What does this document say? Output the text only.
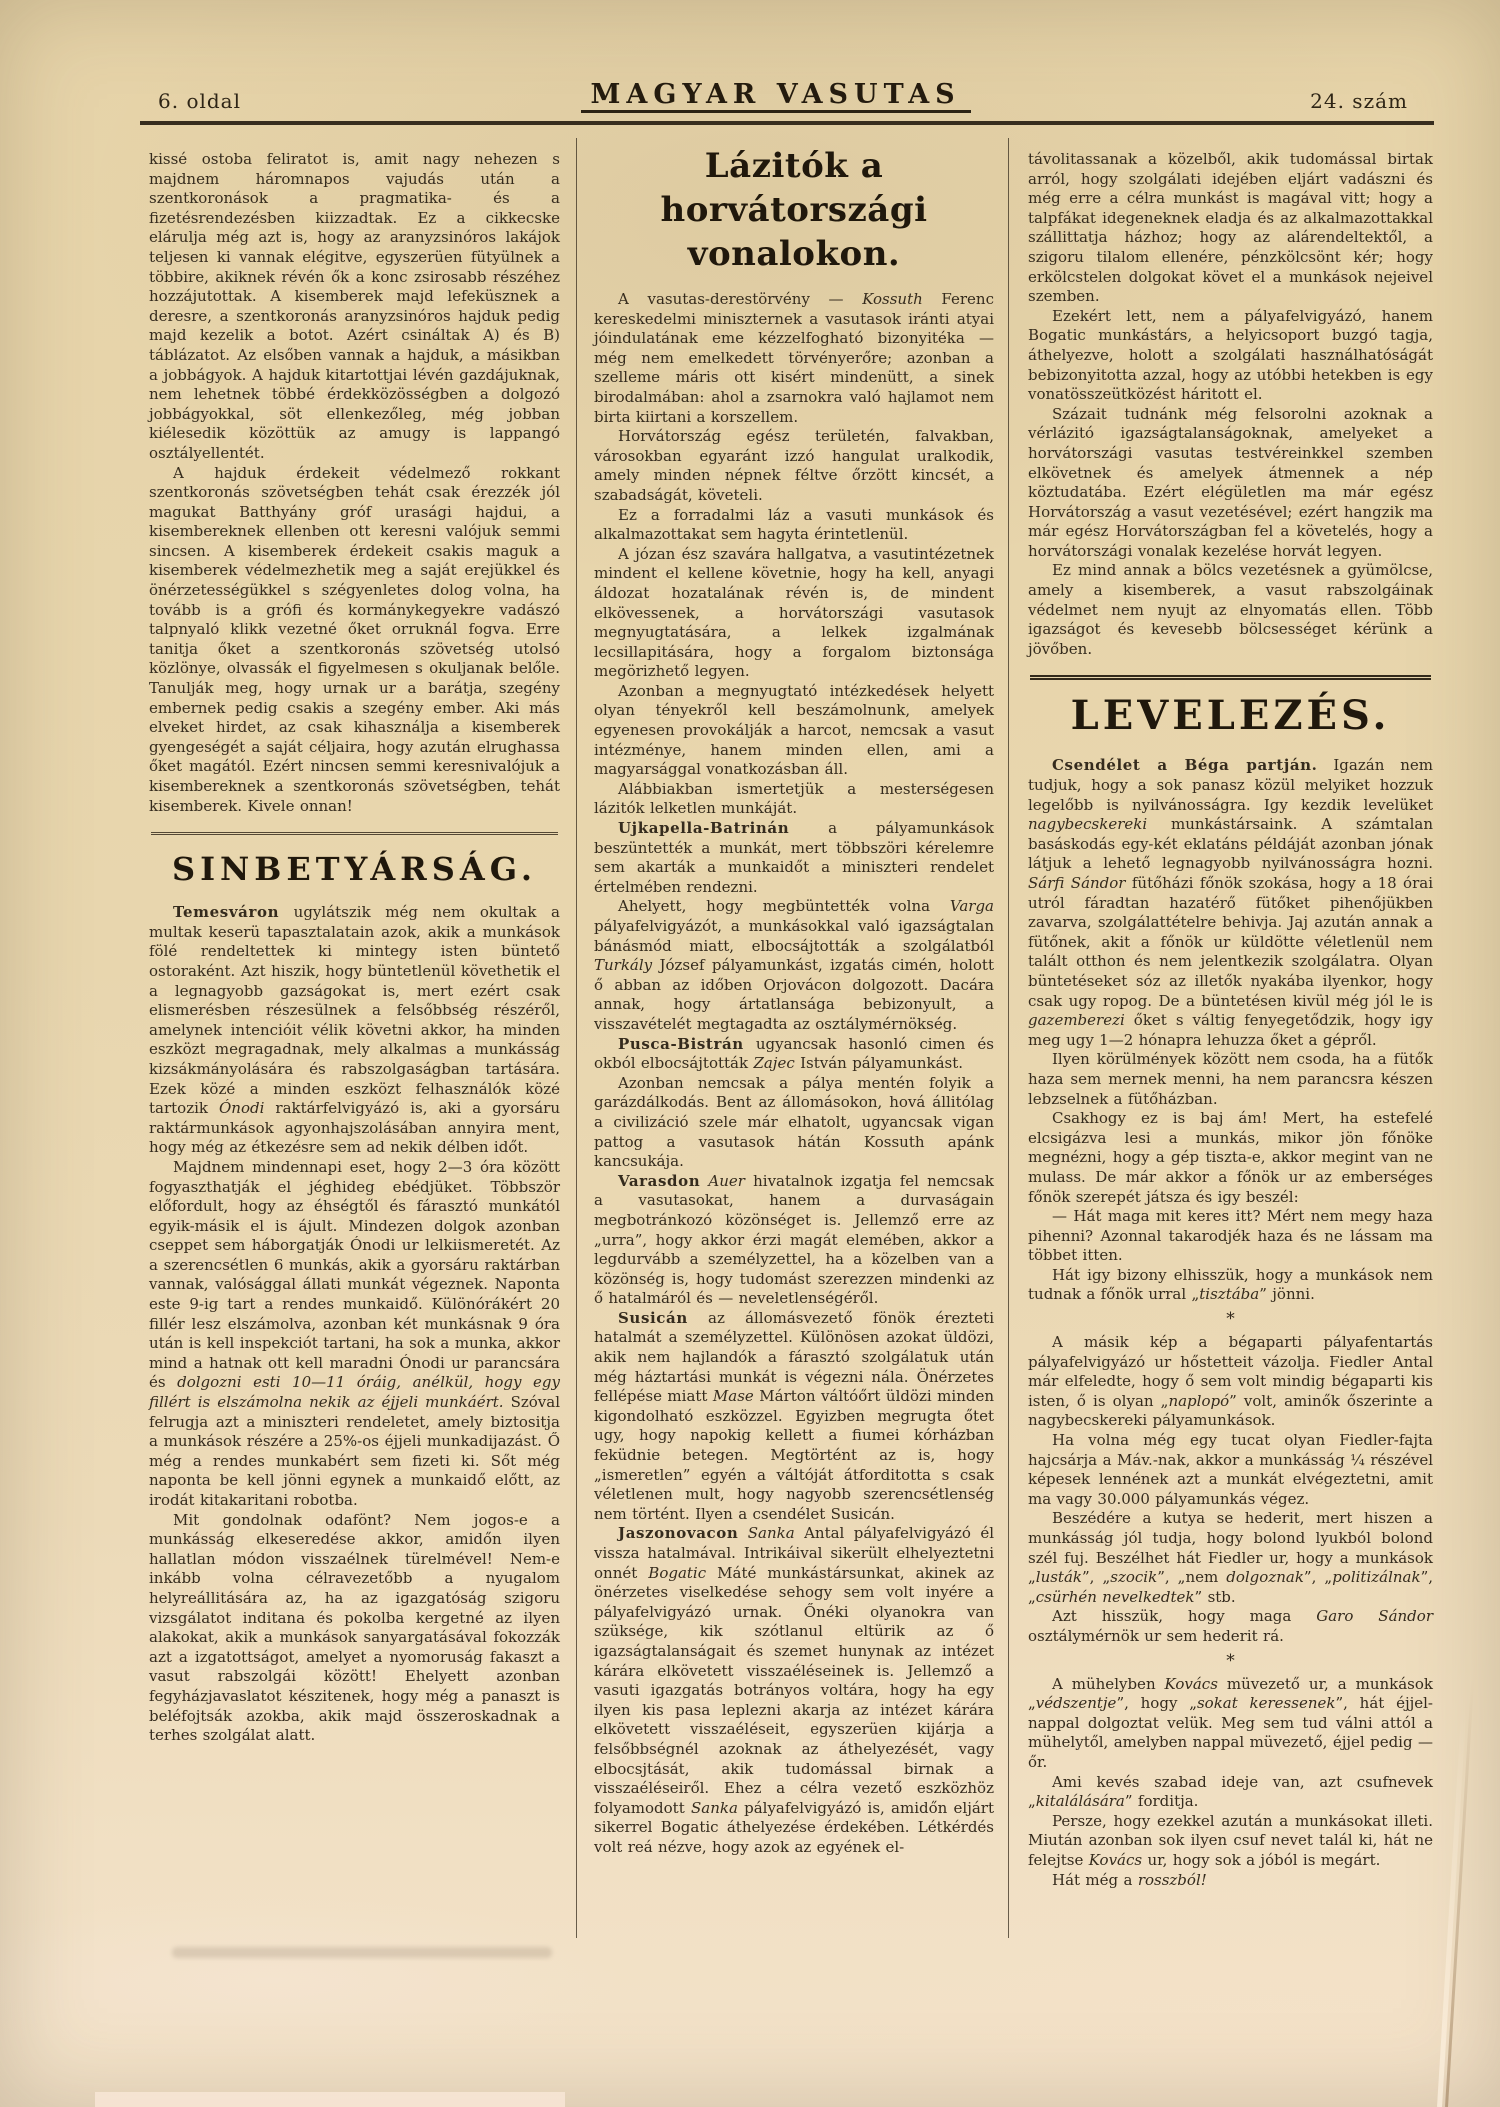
6. oldal	MAGYAR VASUTAS	24. szám

kissé ostoba feliratot is, amit nagy nehezen s majdnem háromnapos vajudás után a szentkoronások a pragmatika- és a fizetésrendezésben kiizzadtak. Ez a cikkecske elárulja még azt is, hogy az aranyzsinóros lakájok teljesen ki vannak elégitve, egyszerüen fütyülnek a többire, akiknek révén ők a konc zsirosabb részéhez hozzájutottak. A kisemberek majd lefeküsznek a deresre, a szentkoronás aranyzsinóros hajduk pedig majd kezelik a botot. Azért csináltak A) és B) táblázatot. Az elsőben vannak a hajduk, a másikban a jobbágyok. A hajduk kitartottjai lévén gazdájuknak, nem lehetnek többé érdekközösségben a dolgozó jobbágyokkal, söt ellenkezőleg, még jobban kiélesedik közöttük az amugy is lappangó osztályellentét.

A hajduk érdekeit védelmező rokkant szentkoronás szövetségben tehát csak érezzék jól magukat Batthyány gróf urasági hajdui, a kisembereknek ellenben ott keresni valójuk semmi sincsen. A kisemberek érdekeit csakis maguk a kisemberek védelmezhetik meg a saját erejükkel és önérzetességükkel s szégyenletes dolog volna, ha tovább is a grófi és kormánykegyekre vadászó talpnyaló klikk vezetné őket orruknál fogva. Erre tanitja őket a szentkoronás szövetség utolsó közlönye, olvassák el figyelmesen s okuljanak belőle. Tanulják meg, hogy urnak ur a barátja, szegény embernek pedig csakis a szegény ember. Aki más elveket hirdet, az csak kihasználja a kisemberek gyengeségét a saját céljaira, hogy azután elrughassa őket magától. Ezért nincsen semmi keresnivalójuk a kisembereknek a szentkoronás szövetségben, tehát kisemberek. Kivele onnan!

SINBETYÁRSÁG.

Temesváron ugylátszik még nem okultak a multak keserü tapasztalatain azok, akik a munkások fölé rendeltettek ki mintegy isten büntető ostoraként. Azt hiszik, hogy büntetlenül követhetik el a legnagyobb gazságokat is, mert ezért csak elismerésben részesülnek a felsőbbség részéről, amelynek intencióit vélik követni akkor, ha minden eszközt megragadnak, mely alkalmas a munkásság kizsákmányolására és rabszolgaságban tartására. Ezek közé a minden eszközt felhasználók közé tartozik Ónodi raktárfelvigyázó is, aki a gyorsáru raktármunkások agyonhajszolásában annyira ment, hogy még az étkezésre sem ad nekik délben időt.

Majdnem mindennapi eset, hogy 2—3 óra között fogyaszthatják el jéghideg ebédjüket. Többször előfordult, hogy az éhségtől és fárasztó munkától egyik-másik el is ájult. Mindezen dolgok azonban cseppet sem háborgatják Ónodi ur lelkiismeretét. Az a szerencsétlen 6 munkás, akik a gyorsáru raktárban vannak, valósággal állati munkát végeznek. Naponta este 9-ig tart a rendes munkaidő. Különórákért 20 fillér lesz elszámolva, azonban két munkásnak 9 óra után is kell inspekciót tartani, ha sok a munka, akkor mind a hatnak ott kell maradni Ónodi ur parancsára és dolgozni esti 10—11 óráig, anélkül, hogy egy fillért is elszámolna nekik az éjjeli munkáért. Szóval felrugja azt a miniszteri rendeletet, amely biztositja a munkások részére a 25%-os éjjeli munkadijazást. Ő még a rendes munkabért sem fizeti ki. Sőt még naponta be kell jönni egynek a munkaidő előtt, az irodát kitakaritani robotba.

Mit gondolnak odafönt? Nem jogos-e a munkásság elkeseredése akkor, amidőn ilyen hallatlan módon visszaélnek türelmével! Nem-e inkább volna célravezetőbb a nyugalom helyreállitására az, ha az igazgatóság szigoru vizsgálatot inditana és pokolba kergetné az ilyen alakokat, akik a munkások sanyargatásával fokozzák azt a izgatottságot, amelyet a nyomoruság fakaszt a vasut rabszolgái között! Ehelyett azonban fegyházjavaslatot készitenek, hogy még a panaszt is beléfojtsák azokba, akik majd összeroskadnak a terhes szolgálat alatt.

Lázitók a horvátországi vonalokon.

A vasutas-derestörvény — Kossuth Ferenc kereskedelmi miniszternek a vasutasok iránti atyai jóindulatának eme kézzelfogható bizonyitéka — még nem emelkedett törvényerőre; azonban a szelleme máris ott kisért mindenütt, a sinek birodalmában: ahol a zsarnokra való hajlamot nem birta kiirtani a korszellem.

Horvátország egész területén, falvakban, városokban egyaránt izzó hangulat uralkodik, amely minden népnek féltve őrzött kincsét, a szabadságát, követeli.

Ez a forradalmi láz a vasuti munkások és alkalmazottakat sem hagyta érintetlenül.

A józan ész szavára hallgatva, a vasutintézetnek mindent el kellene követnie, hogy ha kell, anyagi áldozat hozatalának révén is, de mindent elkövessenek, a horvátországi vasutasok megnyugtatására, a lelkek izgalmának lecsillapitására, hogy a forgalom biztonsága megörizhető legyen.

Azonban a megnyugtató intézkedések helyett olyan tényekről kell beszámolnunk, amelyek egyenesen provokálják a harcot, nemcsak a vasut intézménye, hanem minden ellen, ami a magyarsággal vonatkozásban áll.

Alábbiakban ismertetjük a mesterségesen lázitók lelketlen munkáját.

Ujkapella-Batrinán a pályamunkások beszüntették a munkát, mert többszöri kérelemre sem akarták a munkaidőt a miniszteri rendelet értelmében rendezni.

Ahelyett, hogy megbüntették volna Varga pályafelvigyázót, a munkásokkal való igazságtalan bánásmód miatt, elbocsájtották a szolgálatból Turkály József pályamunkást, izgatás cimén, holott ő abban az időben Orjovácon dolgozott. Dacára annak, hogy ártatlansága bebizonyult, a visszavételét megtagadta az osztálymérnökség.

Pusca-Bistrán ugyancsak hasonló cimen és okból elbocsájtották Zajec István pályamunkást.

Azonban nemcsak a pálya mentén folyik a garázdálkodás. Bent az állomásokon, hová állitólag a civilizáció szele már elhatolt, ugyancsak vigan pattog a vasutasok hátán Kossuth apánk kancsukája.

Varasdon Auer hivatalnok izgatja fel nemcsak a vasutasokat, hanem a durvaságain megbotránkozó közönséget is. Jellemző erre az „urra”, hogy akkor érzi magát elemében, akkor a legdurvább a személyzettel, ha a közelben van a közönség is, hogy tudomást szerezzen mindenki az ő hatalmáról és — neveletlenségéről.

Susicán az állomásvezető fönök érezteti hatalmát a személyzettel. Különösen azokat üldözi, akik nem hajlandók a fárasztó szolgálatuk után még háztartási munkát is végezni nála. Önérzetes fellépése miatt Mase Márton váltóőrt üldözi minden kigondolható eszközzel. Egyizben megrugta őtet ugy, hogy napokig kellett a fiumei kórházban feküdnie betegen. Megtörtént az is, hogy „ismeretlen” egyén a váltóját átforditotta s csak véletlenen mult, hogy nagyobb szerencsétlenség nem történt. Ilyen a csendélet Susicán.

Jaszonovacon Sanka Antal pályafelvigyázó él vissza hatalmával. Intrikáival sikerült elhelyeztetni onnét Bogatic Máté munkástársunkat, akinek az önérzetes viselkedése sehogy sem volt inyére a pályafelvigyázó urnak. Őnéki olyanokra van szüksége, kik szótlanul eltürik az ő igazságtalanságait és szemet hunynak az intézet kárára elkövetett visszaéléseinek is. Jellemző a vasuti igazgatás botrányos voltára, hogy ha egy ilyen kis pasa leplezni akarja az intézet kárára elkövetett visszaéléseit, egyszerüen kijárja a felsőbbségnél azoknak az áthelyezését, vagy elbocsjtását, akik tudomással birnak a visszaéléseiről. Ehez a célra vezető eszközhöz folyamodott Sanka pályafelvigyázó is, amidőn eljárt sikerrel Bogatic áthelyezése érdekében. Létkérdés volt reá nézve, hogy azok az egyének el-

távolitassanak a közelből, akik tudomással birtak arról, hogy szolgálati idejében eljárt vadászni és még erre a célra munkást is magával vitt; hogy a talpfákat idegeneknek eladja és az alkalmazottakkal szállittatja házhoz; hogy az alárendeltektől, a szigoru tilalom ellenére, pénzkölcsönt kér; hogy erkölcstelen dolgokat követ el a munkások nejeivel szemben.

Ezekért lett, nem a pályafelvigyázó, hanem Bogatic munkástárs, a helyicsoport buzgó tagja, áthelyezve, holott a szolgálati használhatóságát bebizonyitotta azzal, hogy az utóbbi hetekben is egy vonatösszeütközést háritott el.

Százait tudnánk még felsorolni azoknak a vérlázitó igazságtalanságoknak, amelyeket a horvátországi vasutas testvéreinkkel szemben elkövetnek és amelyek átmennek a nép köztudatába. Ezért elégületlen ma már egész Horvátország a vasut vezetésével; ezért hangzik ma már egész Horvátországban fel a követelés, hogy a horvátországi vonalak kezelése horvát legyen.

Ez mind annak a bölcs vezetésnek a gyümölcse, amely a kisemberek, a vasut rabszolgáinak védelmet nem nyujt az elnyomatás ellen. Több igazságot és kevesebb bölcsességet kérünk a jövőben.

LEVELEZÉS.

Csendélet a Béga partján. Igazán nem tudjuk, hogy a sok panasz közül melyiket hozzuk legelőbb is nyilvánosságra. Igy kezdik levelüket nagybecskereki munkástársaink. A számtalan basáskodás egy-két eklatáns példáját azonban jónak látjuk a lehető legnagyobb nyilvánosságra hozni. Sárfi Sándor fütőházi főnök szokása, hogy a 18 órai utról fáradtan hazatérő fütőket pihenőjükben zavarva, szolgálattételre behivja. Jaj azután annak a fütőnek, akit a főnök ur küldötte véletlenül nem talált otthon és nem jelentkezik szolgálatra. Olyan büntetéseket sóz az illetők nyakába ilyenkor, hogy csak ugy ropog. De a büntetésen kivül még jól le is gazemberezi őket s váltig fenyegetődzik, hogy igy meg ugy 1—2 hónapra lehuzza őket a gépről.

Ilyen körülmények között nem csoda, ha a fütők haza sem mernek menni, ha nem parancsra készen lebzselnek a fütőházban.

Csakhogy ez is baj ám! Mert, ha estefelé elcsigázva lesi a munkás, mikor jön főnöke megnézni, hogy a gép tiszta-e, akkor megint van ne mulass. De már akkor a főnök ur az emberséges főnök szerepét játsza és igy beszél:

— Hát maga mit keres itt? Mért nem megy haza pihenni? Azonnal takarodjék haza és ne lássam ma többet itten.

Hát igy bizony elhisszük, hogy a munkások nem tudnak a főnök urral „tisztába” jönni.

*

A másik kép a bégaparti pályafentartás pályafelvigyázó ur hőstetteit vázolja. Fiedler Antal már elfeledte, hogy ő sem volt mindig bégaparti kis isten, ő is olyan „naplopó” volt, aminők őszerinte a nagybecskereki pályamunkások.

Ha volna még egy tucat olyan Fiedler-fajta hajcsárja a Máv.-nak, akkor a munkásság ¼ részével képesek lennének azt a munkát elvégeztetni, amit ma vagy 30.000 pályamunkás végez.

Beszédére a kutya se hederit, mert hiszen a munkásság jól tudja, hogy bolond lyukból bolond szél fuj. Beszélhet hát Fiedler ur, hogy a munkások „lusták”, „szocik”, „nem dolgoznak”, „politizálnak”, „csürhén nevelkedtek” stb.

Azt hisszük, hogy maga Garo Sándor osztálymérnök ur sem hederit rá.

*

A mühelyben Kovács müvezető ur, a munkások „védszentje”, hogy „sokat keressenek”, hát éjjel-nappal dolgoztat velük. Meg sem tud válni attól a mühelytől, amelyben nappal müvezető, éjjel pedig — őr.

Ami kevés szabad ideje van, azt csufnevek „kitalálására” forditja.

Persze, hogy ezekkel azután a munkásokat illeti. Miután azonban sok ilyen csuf nevet talál ki, hát ne felejtse Kovács ur, hogy sok a jóból is megárt.

Hát még a rosszból!
